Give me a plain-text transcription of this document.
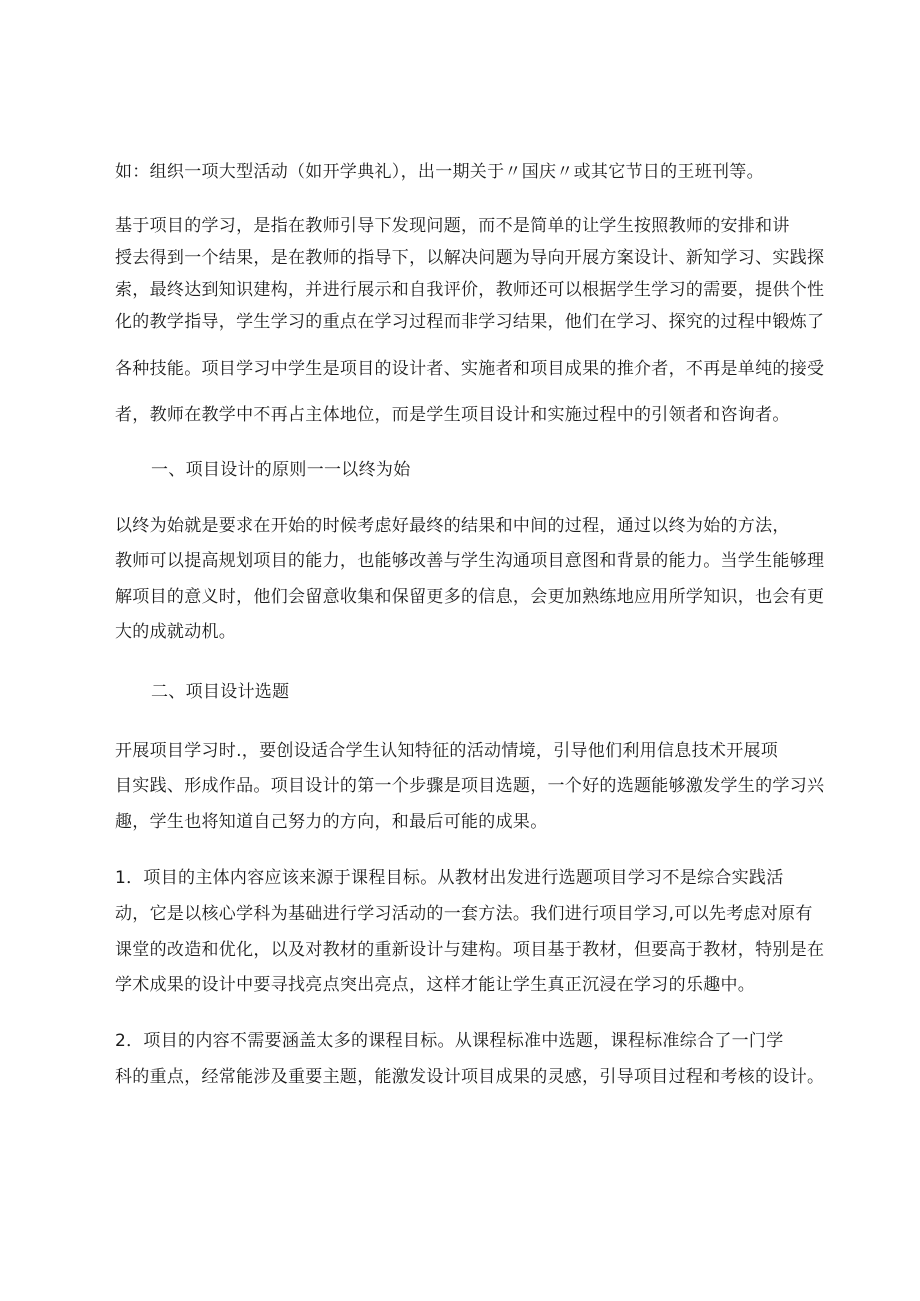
如：组织一项大型活动（如开学典礼），出一期关于〃国庆〃或其它节日的王班刊等。
基于项目的学习，是指在教师引导下发现问题，而不是简单的让学生按照教师的安排和讲
授去得到一个结果，是在教师的指导下，以解决问题为导向开展方案设计、新知学习、实践探
索，最终达到知识建构，并进行展示和自我评价，教师还可以根据学生学习的需要，提供个性
化的教学指导，学生学习的重点在学习过程而非学习结果，他们在学习、探究的过程中锻炼了
各种技能。项目学习中学生是项目的设计者、实施者和项目成果的推介者，不再是单纯的接受
者，教师在教学中不再占主体地位，而是学生项目设计和实施过程中的引领者和咨询者。
一、项目设计的原则一一以终为始
以终为始就是要求在开始的时候考虑好最终的结果和中间的过程，通过以终为始的方法，
教师可以提高规划项目的能力，也能够改善与学生沟通项目意图和背景的能力。当学生能够理
解项目的意义时，他们会留意收集和保留更多的信息，会更加熟练地应用所学知识，也会有更
大的成就动机。
二、项目设计选题
开展项目学习时.，要创设适合学生认知特征的活动情境，引导他们利用信息技术开展项
目实践、形成作品。项目设计的第一个步骤是项目选题，一个好的选题能够激发学生的学习兴
趣，学生也将知道自己努力的方向，和最后可能的成果。
1．项目的主体内容应该来源于课程目标。从教材出发进行选题项目学习不是综合实践活
动，它是以核心学科为基础进行学习活动的一套方法。我们进行项目学习,可以先考虑对原有
课堂的改造和优化，以及对教材的重新设计与建构。项目基于教材，但要高于教材，特别是在
学术成果的设计中要寻找亮点突出亮点，这样才能让学生真正沉浸在学习的乐趣中。
2．项目的内容不需要涵盖太多的课程目标。从课程标准中选题，课程标准综合了一门学
科的重点，经常能涉及重要主题，能激发设计项目成果的灵感，引导项目过程和考核的设计。
